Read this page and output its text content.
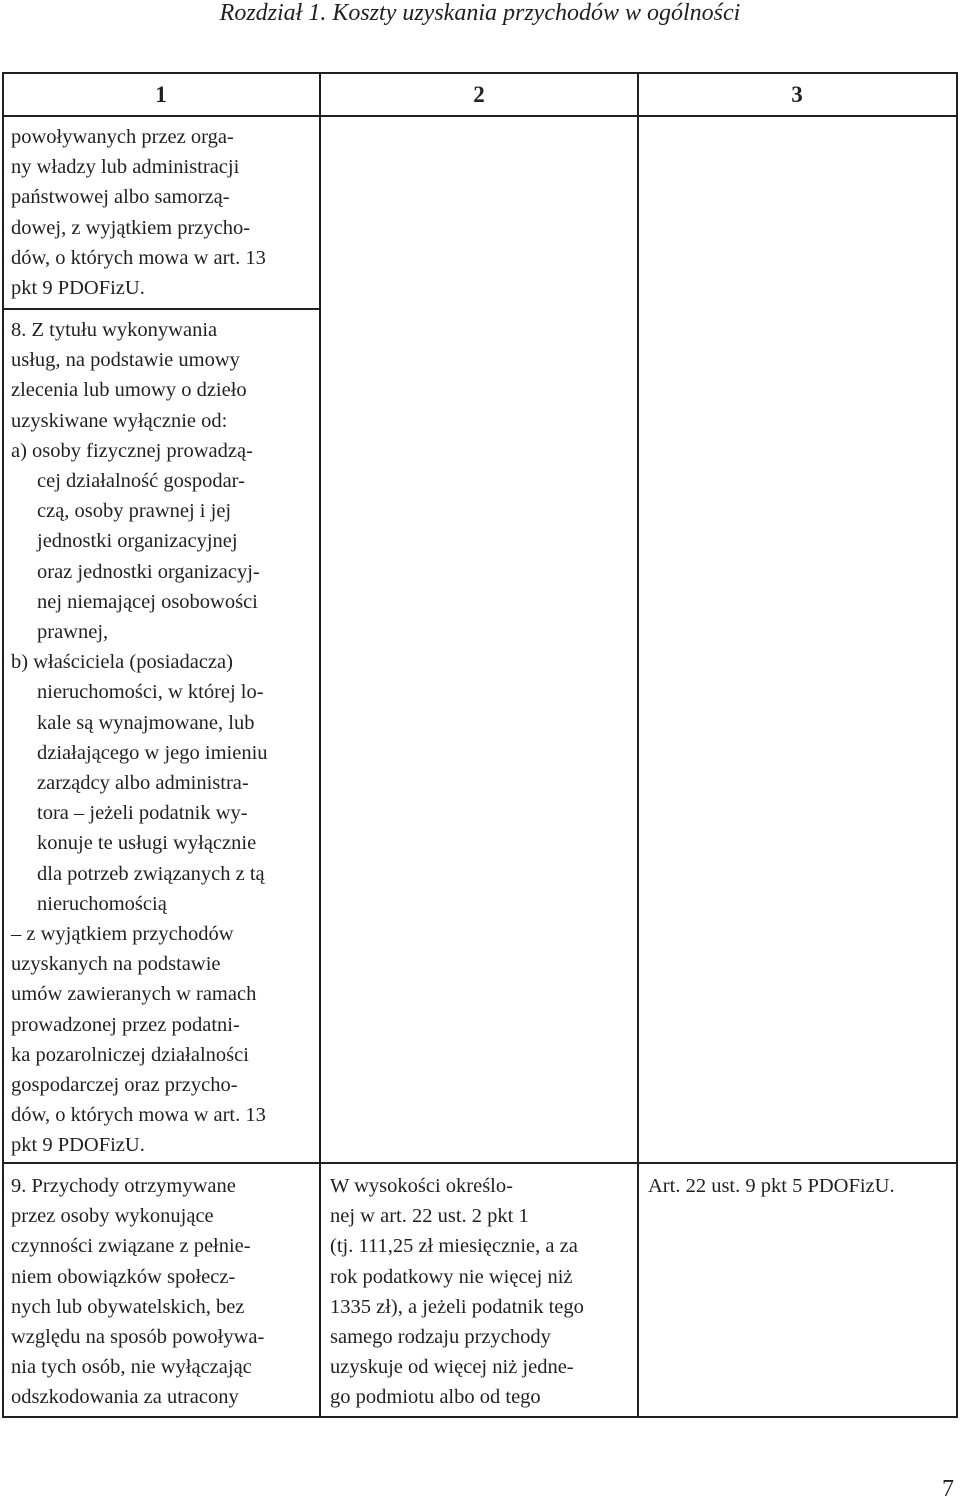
Rozdział 1. Koszty uzyskania przychodów w ogólności
1	2	3
powoływanych przez orga-
ny władzy lub administracji
państwowej albo samorzą-
dowej, z wyjątkiem przycho-
dów, o których mowa w art. 13
pkt 9 PDOFizU.
8. Z tytułu wykonywania
usług, na podstawie umowy
zlecenia lub umowy o dzieło
uzyskiwane wyłącznie od:
a) osoby fizycznej prowadzą-
cej działalność gospodar-
czą, osoby prawnej i jej
jednostki organizacyjnej
oraz jednostki organizacyj-
nej niemającej osobowości
prawnej,
b) właściciela (posiadacza)
nieruchomości, w której lo-
kale są wynajmowane, lub
działającego w jego imieniu
zarządcy albo administra-
tora – jeżeli podatnik wy-
konuje te usługi wyłącznie
dla potrzeb związanych z tą
nieruchomością
– z wyjątkiem przychodów
uzyskanych na podstawie
umów zawieranych w ramach
prowadzonej przez podatni-
ka pozarolniczej działalności
gospodarczej oraz przycho-
dów, o których mowa w art. 13
pkt 9 PDOFizU.
9. Przychody otrzymywane
przez osoby wykonujące
czynności związane z pełnie-
niem obowiązków społecz-
nych lub obywatelskich, bez
względu na sposób powoływa-
nia tych osób, nie wyłączając
odszkodowania za utracony
W wysokości określo-
nej w art. 22 ust. 2 pkt 1
(tj. 111,25 zł miesięcznie, a za
rok podatkowy nie więcej niż
1335 zł), a jeżeli podatnik tego
samego rodzaju przychody
uzyskuje od więcej niż jedne-
go podmiotu albo od tego
Art. 22 ust. 9 pkt 5 PDOFizU.
7
